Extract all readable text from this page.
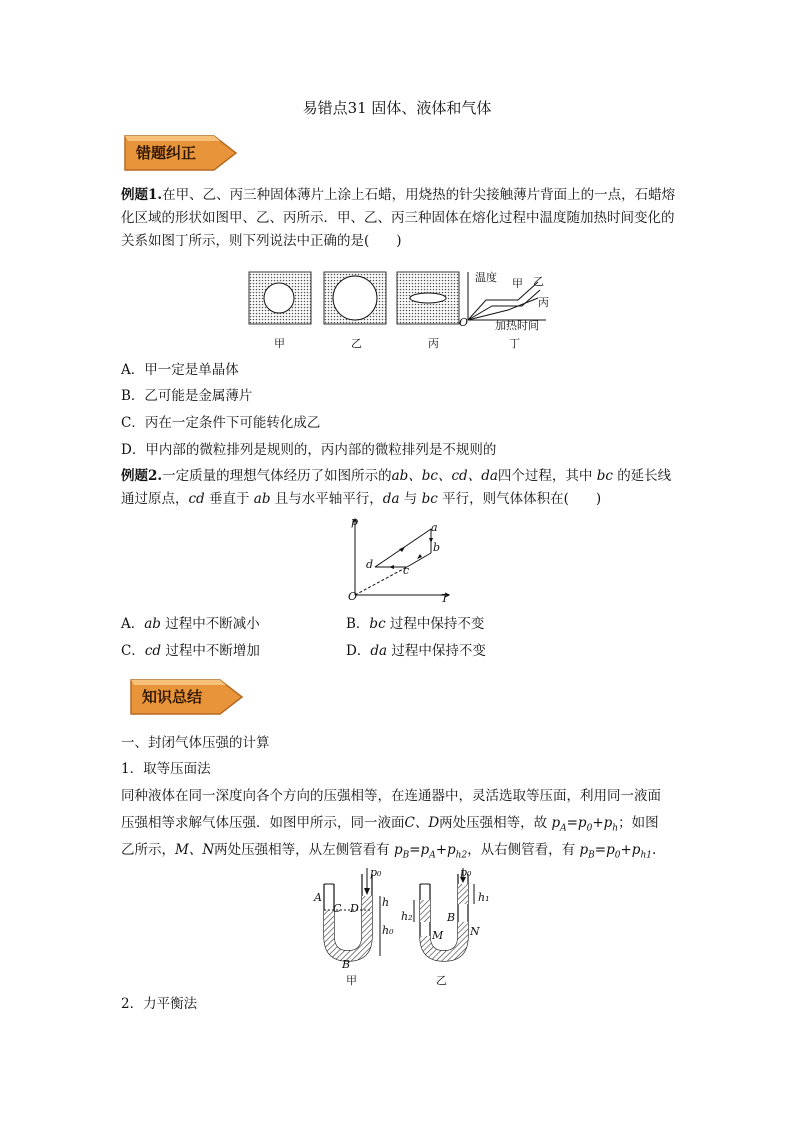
易错点31 固体、液体和气体
错题纠正
例题1.在甲、乙、丙三种固体薄片上涂上石蜡，用烧热的针尖接触薄片背面上的一点，石蜡熔化区域的形状如图甲、乙、丙所示．甲、乙、丙三种固体在熔化过程中温度随加热时间变化的关系如图丁所示，则下列说法中正确的是(　　)
温度
加热时间
O
甲 乙
丙
甲	乙	丙	丁
A．甲一定是单晶体
B．乙可能是金属薄片
C．丙在一定条件下可能转化成乙
D．甲内部的微粒排列是规则的，丙内部的微粒排列是不规则的
例题2.一定质量的理想气体经历了如图所示的ab、bc、cd、da四个过程，其中 bc 的延长线通过原点，cd 垂直于 ab 且与水平轴平行，da 与 bc 平行，则气体体积在(　　)
p
T
O
a
b
c
d
A．ab 过程中不断减小	B．bc 过程中保持不变
C．cd 过程中不断增加	D．da 过程中保持不变
知识总结
一、封闭气体压强的计算
1．取等压面法
同种液体在同一深度向各个方向的压强相等，在连通器中，灵活选取等压面，利用同一液面
压强相等求解气体压强．如图甲所示，同一液面C、D两处压强相等，故 $p_A=p_0+p_h$；如图
乙所示，M、N两处压强相等，从左侧管看有 $p_B=p_A+p_{h2}$，从右侧管看，有 $p_B=p_0+p_{h1}$.
A
C D
B
p₀
h
h₀
甲
p₀
h₁
h₂	B
M N
乙
2．力平衡法
